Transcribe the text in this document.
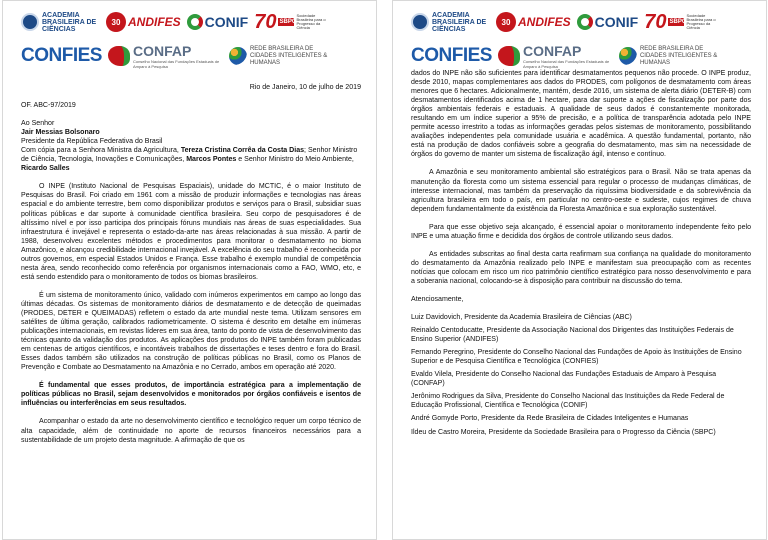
ACADEMIA BRASILEIRA DE CIÊNCIAS
30 ANDIFES CONIF 70 SBPC
Sociedade Brasileira para o Progresso da Ciência
CONFIES CONFAP
Conselho Nacional das Fundações Estaduais de Amparo à Pesquisa
REDE BRASILEIRA DE CIDADES INTELIGENTES & HUMANAS

Rio de Janeiro, 10 de julho de 2019

OF. ABC-97/2019

Ao Senhor

Jair Messias Bolsonaro

Presidente da República Federativa do Brasil

Com cópia para a Senhora Ministra da Agricultura, Tereza Cristina Corrêa da Costa Dias; Senhor Ministro de Ciência, Tecnologia, Inovações e Comunicações, Marcos Pontes e Senhor Ministro do Meio Ambiente, Ricardo Salles

O INPE (Instituto Nacional de Pesquisas Espaciais), unidade do MCTIC, é o maior Instituto de Pesquisas do Brasil. Foi criado em 1961 com a missão de produzir informações e tecnologias nas áreas espacial e do ambiente terrestre, bem como disponibilizar produtos e serviços para o Brasil, subsidiar suas políticas públicas e dar suporte à comunidade científica brasileira. Seu corpo de pesquisadores é de altíssimo nível e por isso participa dos principais fóruns mundiais nas áreas de suas especialidades. Sua infraestrutura é invejável e representa o estado-da-arte nas áreas relacionadas à sua missão. A partir de 1988, desenvolveu excelentes métodos e procedimentos para monitorar o desmatamento no bioma Amazônico, e alcançou credibilidade internacional invejável. A excelência do seu trabalho é reconhecida por outros governos, em especial Estados Unidos e França. Esse trabalho é exemplo mundial de competência nesta área, sendo reconhecido como referência por organismos internacionais como a FAO, WMO, etc, e está sendo estendido para o monitoramento de todos os biomas brasileiros.

É um sistema de monitoramento único, validado com inúmeros experimentos em campo ao longo das últimas décadas. Os sistemas de monitoramento diários de desmatamento e de detecção de queimadas (PRODES, DETER e QUEIMADAS) refletem o estado da arte mundial neste tema. Utilizam sensores em satélites de última geração, calibrados radiometricamente. O sistema é descrito em detalhe em inúmeras publicações internacionais, em revistas líderes em sua área, tanto do ponto de vista de desenvolvimento das técnicas quanto da validação dos produtos. As aplicações dos produtos do INPE também foram publicadas em centenas de artigos científicos, e incontáveis trabalhos de dissertações e teses dentro e fora do Brasil. Esses dados também são utilizados na construção de políticas públicas no Brasil, como os Planos de Prevenção e Combate ao Desmatamento na Amazônia e no Cerrado, ambos em operação até 2020.

É fundamental que esses produtos, de importância estratégica para a implementação de políticas públicas no Brasil, sejam desenvolvidos e monitorados por órgãos confiáveis e isentos de influências ou interferências em seus resultados.

Acompanhar o estado da arte no desenvolvimento científico e tecnológico requer um corpo técnico de alta capacidade, além de continuidade no aporte de recursos financeiros necessários para a sustentabilidade de um projeto desta magnitude. A afirmação de que os

ACADEMIA BRASILEIRA DE CIÊNCIAS
30 ANDIFES CONIF 70 SBPC
Sociedade Brasileira para o Progresso da Ciência
CONFIES CONFAP
Conselho Nacional das Fundações Estaduais de Amparo à Pesquisa
REDE BRASILEIRA DE CIDADES INTELIGENTES & HUMANAS

dados do INPE não são suficientes para identificar desmatamentos pequenos não procede. O INPE produz, desde 2010, mapas complementares aos dados do PRODES, com polígonos de desmatamento com áreas menores que 6 hectares. Adicionalmente, mantém, desde 2016, um sistema de alerta diário (DETER-B) com desmatamentos identificados acima de 1 hectare, para dar suporte a ações de fiscalização por parte dos órgãos ambientais federais e estaduais. A qualidade de seus dados é constantemente monitorada, resultando em um índice superior a 95% de precisão, e a política de transparência adotada pelo INPE permite acesso irrestrito a todas as informações geradas pelos sistemas de monitoramento, possibilitando avaliações independentes pela comunidade usuária e acadêmica. A questão fundamental, portanto, não está na produção de dados confiáveis sobre a geografia do desmatamento, mas sim na necessidade de órgãos do governo de manter um sistema de fiscalização ágil, intenso e contínuo.

A Amazônia e seu monitoramento ambiental são estratégicos para o Brasil. Não se trata apenas da manutenção da floresta como um sistema essencial para regular o processo de mudanças climáticas, de interesse internacional, mas também da preservação da riquíssima biodiversidade e da sobrevivência da agricultura brasileira em todo o país, em particular no centro-oeste e sudeste, cujos regimes de chuva dependem fundamentalmente da existência da Floresta Amazônica e sua exploração sustentável.

Para que esse objetivo seja alcançado, é essencial apoiar o monitoramento independente feito pelo INPE e uma atuação firme e decidida dos órgãos de controle utilizando seus dados.

As entidades subscritas ao final desta carta reafirmam sua confiança na qualidade do monitoramento do desmatamento da Amazônia realizado pelo INPE e manifestam sua preocupação com as recentes notícias que colocam em risco um rico patrimônio científico estratégico para nosso desenvolvimento e para a soberania nacional, colocando-se à disposição para contribuir na discussão do tema.

Atenciosamente,

Luiz Davidovich, Presidente da Academia Brasileira de Ciências (ABC)

Reinaldo Centoducatte, Presidente da Associação Nacional dos Dirigentes das Instituições Federais de Ensino Superior (ANDIFES)

Fernando Peregrino, Presidente do Conselho Nacional das Fundações de Apoio às Instituições de Ensino Superior e de Pesquisa Científica e Tecnológica (CONFIES)

Evaldo Vilela, Presidente do Conselho Nacional das Fundações Estaduais de Amparo à Pesquisa (CONFAP)

Jerônimo Rodrigues da Silva, Presidente do Conselho Nacional das Instituições da Rede Federal de Educação Profissional, Científica e Tecnológica (CONIF)

André Gomyde Porto, Presidente da Rede Brasileira de Cidades Inteligentes e Humanas

Ildeu de Castro Moreira, Presidente da Sociedade Brasileira para o Progresso da Ciência (SBPC)
